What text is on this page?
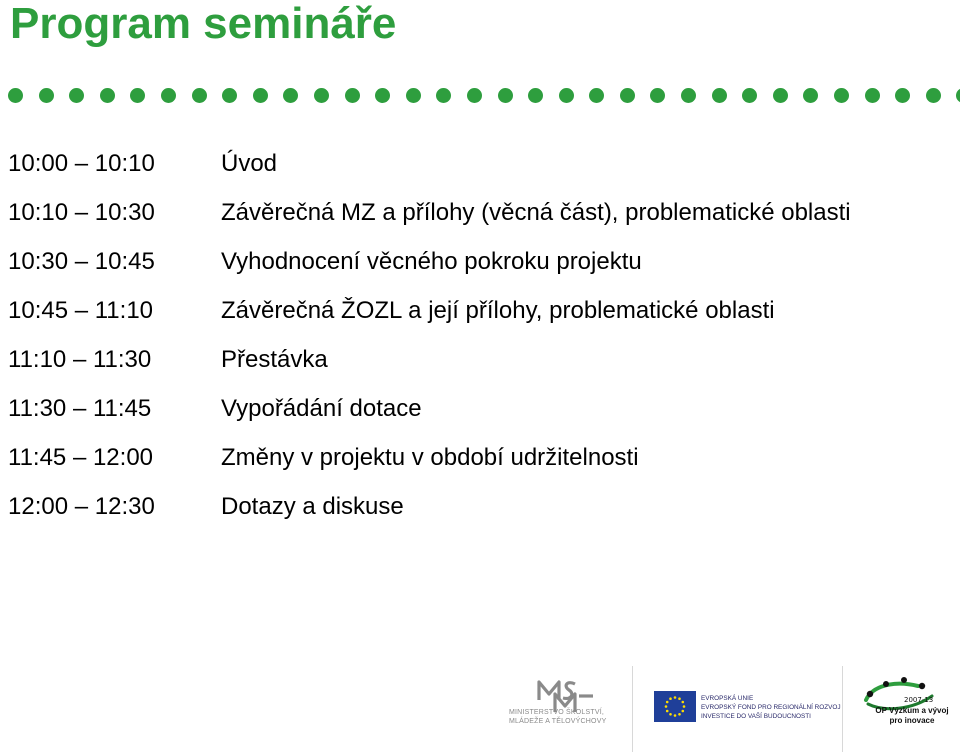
Program semináře
10:00 – 10:10	Úvod
10:10 – 10:30	Závěrečná MZ a přílohy (věcná část), problematické oblasti
10:30 – 10:45	Vyhodnocení věcného pokroku projektu
10:45 – 11:10	Závěrečná ŽOZL a její přílohy, problematické oblasti
11:10 – 11:30	Přestávka
11:30 – 11:45	Vypořádání dotace
11:45 – 12:00	Změny v projektu v období udržitelnosti
12:00 – 12:30	Dotazy a diskuse
MINISTERSTVO ŠKOLSTVÍ,
MLÁDEŽE A TĚLOVÝCHOVY
EVROPSKÁ UNIE
EVROPSKÝ FOND PRO REGIONÁLNÍ ROZVOJ
INVESTICE DO VAŠÍ BUDOUCNOSTI
2007-13
OP Výzkum a vývoj
pro inovace
